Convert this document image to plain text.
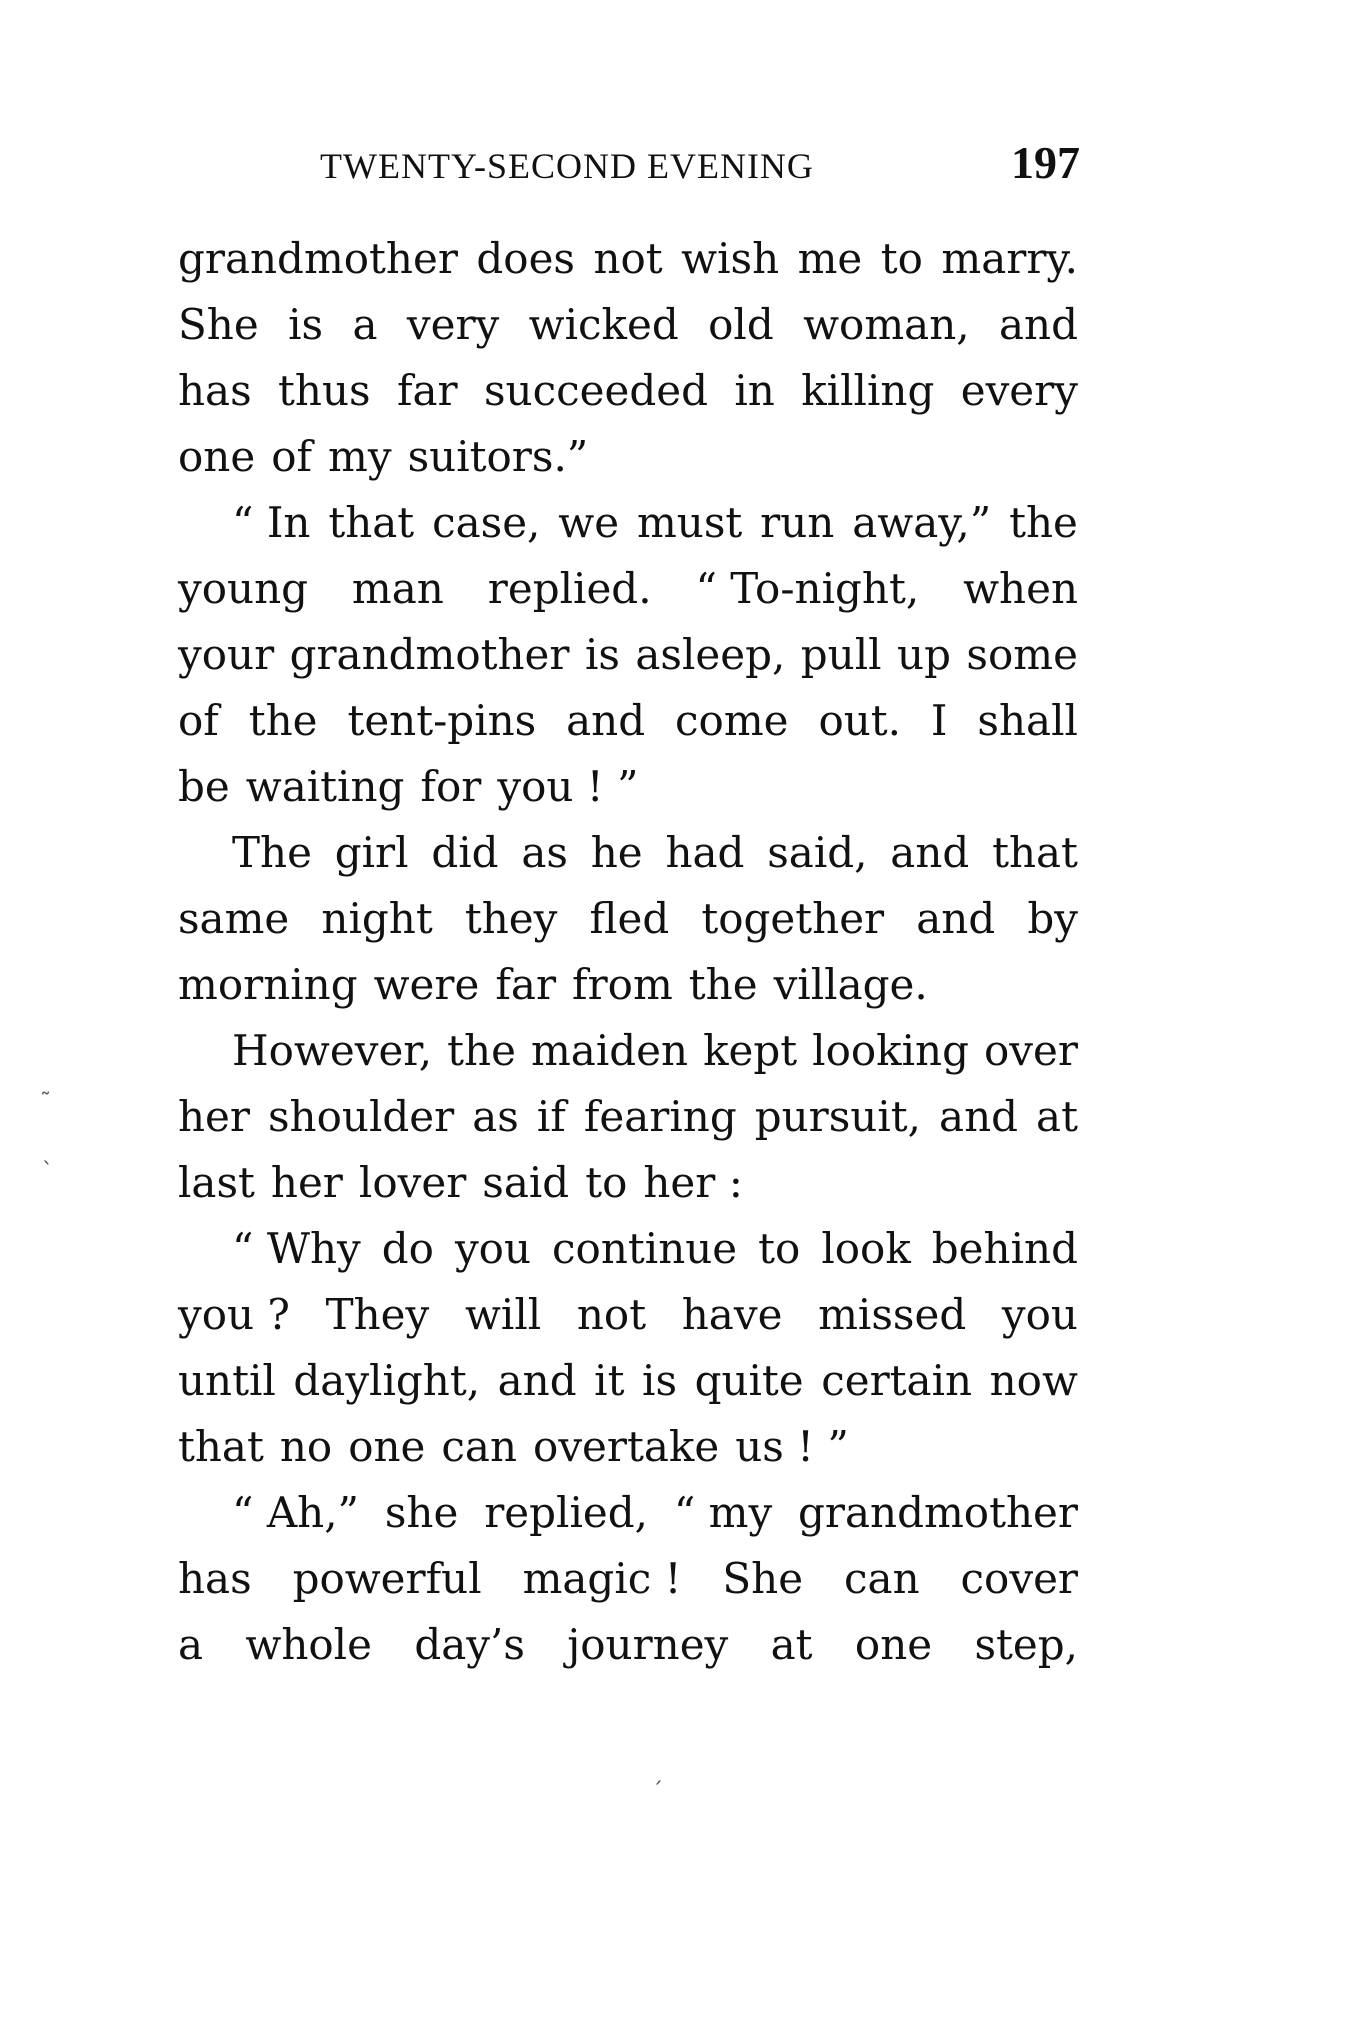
TWENTY-SECOND EVENING	197
grandmother does not wish me to marry.
She is a very wicked old woman, and
has thus far succeeded in killing every
one of my suitors.”
“ In that case, we must run away,” the
young man replied. “ To-night, when
your grandmother is asleep, pull up some
of the tent-pins and come out. I shall
be waiting for you ! ”
The girl did as he had said, and that
same night they fled together and by
morning were far from the village.
However, the maiden kept looking over
her shoulder as if fearing pursuit, and at
last her lover said to her :
“ Why do you continue to look behind
you ? They will not have missed you
until daylight, and it is quite certain now
that no one can overtake us ! ”
“ Ah,” she replied, “ my grandmother
has powerful magic ! She can cover
a whole day’s journey at one step,
˜
ˎ
ˏ
